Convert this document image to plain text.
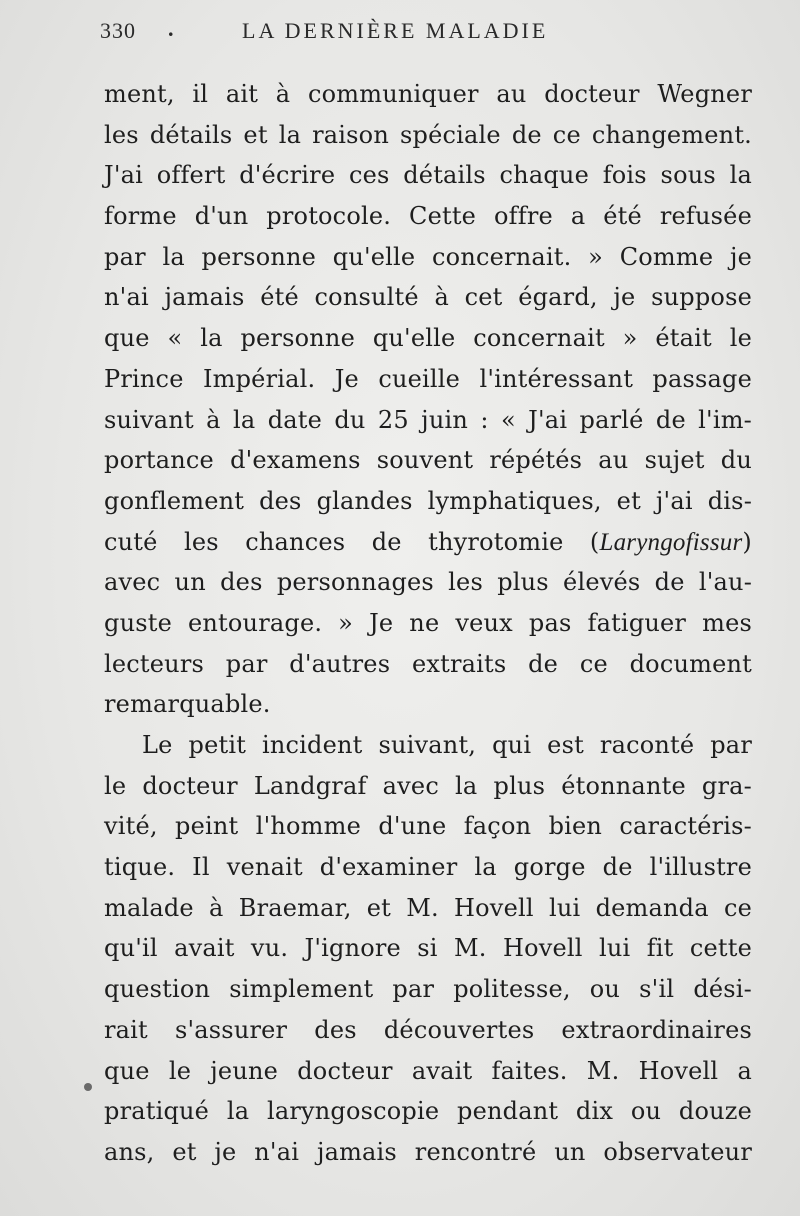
330 .	LA DERNIÈRE MALADIE
ment, il ait à communiquer au docteur Wegner
les détails et la raison spéciale de ce changement.
J'ai offert d'écrire ces détails chaque fois sous la
forme d'un protocole. Cette offre a été refusée
par la personne qu'elle concernait. » Comme je
n'ai jamais été consulté à cet égard, je suppose
que « la personne qu'elle concernait » était le
Prince Impérial. Je cueille l'intéressant passage
suivant à la date du 25 juin : « J'ai parlé de l'im-
portance d'examens souvent répétés au sujet du
gonflement des glandes lymphatiques, et j'ai dis-
cuté les chances de thyrotomie (Laryngofissur)
avec un des personnages les plus élevés de l'au-
guste entourage. » Je ne veux pas fatiguer mes
lecteurs par d'autres extraits de ce document
remarquable.
Le petit incident suivant, qui est raconté par
le docteur Landgraf avec la plus étonnante gra-
vité, peint l'homme d'une façon bien caractéris-
tique. Il venait d'examiner la gorge de l'illustre
malade à Braemar, et M. Hovell lui demanda ce
qu'il avait vu. J'ignore si M. Hovell lui fit cette
question simplement par politesse, ou s'il dési-
rait s'assurer des découvertes extraordinaires
que le jeune docteur avait faites. M. Hovell a
pratiqué la laryngoscopie pendant dix ou douze
ans, et je n'ai jamais rencontré un observateur
